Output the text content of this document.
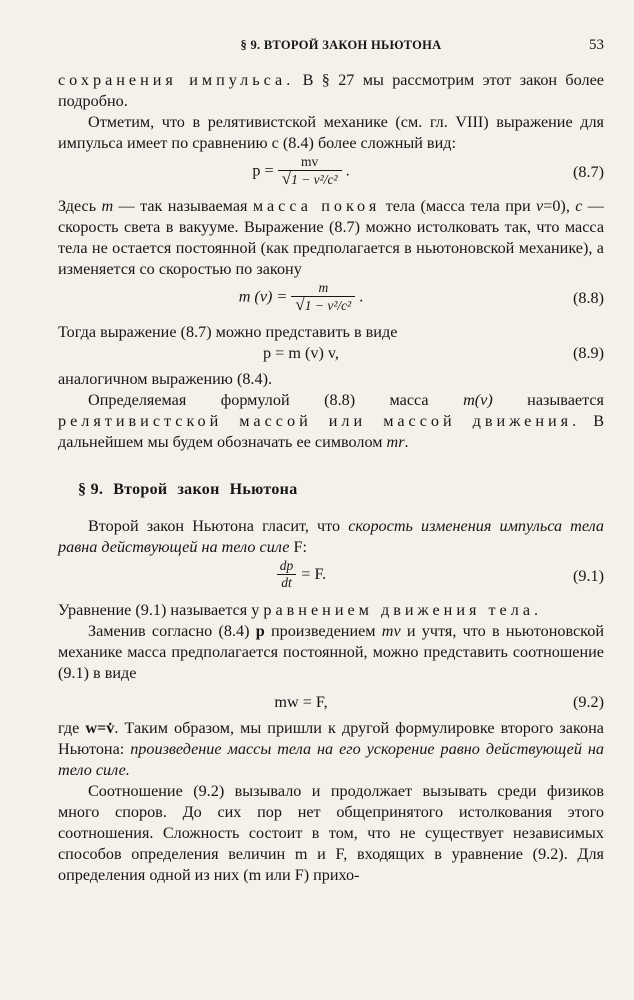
§ 9. ВТОРОЙ ЗАКОН НЬЮТОНА	53

сохранения импульса. В § 27 мы рассмотрим этот закон более подробно.

Отметим, что в релятивистской механике (см. гл. VIII) выражение для импульса имеет по сравнению с (8.4) более сложный вид:

$p = \frac{mv}{\text{√1 − v²/c²}}$ .	(8.7)

Здесь m — так называемая масса покоя тела (масса тела при v=0), c — скорость света в вакууме. Выражение (8.7) можно истолковать так, что масса тела не остается постоянной (как предполагается в ньютоновской механике), а изменяется со скоростью по закону

m $(v) = \frac{m}{\text{√1 − v²/c²}}$ .	(8.8)

Тогда выражение (8.7) можно представить в виде

p = m (v) v,	(8.9)

аналогичном выражению (8.4).

Определяемая формулой (8.8) масса m(v) называется релятивистской массой или массой движения. В дальнейшем мы будем обозначать ее символом mr.

§ 9. Второй закон Ньютона

Второй закон Ньютона гласит, что скорость изменения импульса тела равна действующей на тело силе F:

$\frac{dp}{dt} = F$.	(9.1)

Уравнение (9.1) называется уравнением движения тела.

Заменив согласно (8.4) p произведением mv и учтя, что в ньютоновской механике масса предполагается постоянной, можно представить соотношение (9.1) в виде

mw = F,	(9.2)

где w=v̇. Таким образом, мы пришли к другой формулировке второго закона Ньютона: произведение массы тела на его ускорение равно действующей на тело силе.

Соотношение (9.2) вызывало и продолжает вызывать среди физиков много споров. До сих пор нет общепринятого истолкования этого соотношения. Сложность состоит в том, что не существует независимых способов определения величин m и F, входящих в уравнение (9.2). Для определения одной из них (m или F) прихо-
